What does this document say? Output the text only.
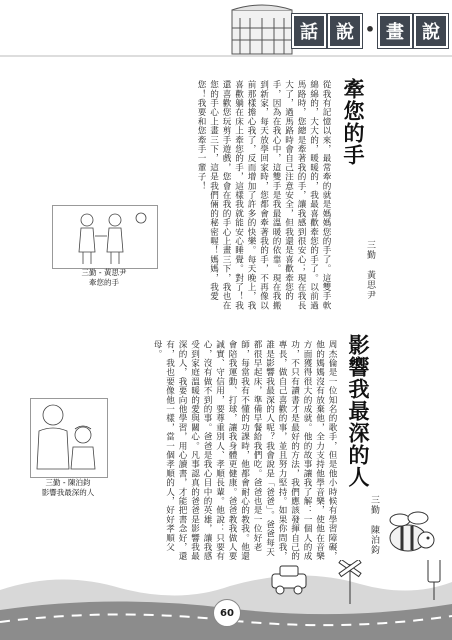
話	說 • 畫	說
牽您的手
三勤　黃思尹
從我有記憶以來，最常牽的就是媽媽您的手了。這雙手軟綿綿的，大大的，暖暖的，我最喜歡牽您的手了。以前過馬路時，您總是牽著我的手，讓我感到很安心；現在我長大了，過馬路時會自己注意安全，但我還是喜歡牽您的手，因為在我心中，這雙手是我最溫暖的依靠。現在我搬到新家，每天放學回家時，您都會牽著我的手，不再像以前那樣擔心我了，反而增加了許多的快樂。每天晚上，我喜歡躺在床上牽您的手，這樣我就能安心睡覺。對了！我還喜歡您玩剪手遊戲，您會在我的手心上畫三下，我也在您的手心上畫三下，這是我們倆的秘密喔！媽媽，我愛您！我要和您牽手一輩子！
三勤 - 黃思尹
牽您的手
影響我最深的人
三勤　陳泊鈞
周杰倫是一位知名的歌手，但是他小時候有學習障礙，他的媽媽沒有放棄他，全力支持他學音樂，使他在音樂方面獲得很大的成就。他的故事讓我了解：一個人的成功，不只有讀書才是最好的方法，我們應該發揮自己的專長，做自己喜歡的事，並且努力堅持。如果你問我，誰是影響我最深的人呢？我會說是「爸爸」。爸爸每天都很早起床，準備早餐給我們吃。爸爸也是一位好老師，每當我有不懂的功課時，他都會耐心的教我。他還會陪我運動、打球，讓我身體更健康。爸爸教我做人要誠實、守信用，要尊重別人、孝順長輩。他說：只要有心，沒有做不到的事。爸爸是我心目中的英雄，讓我感受到家庭溫暖的愛與關心。凡事認真的爸爸是影響我最深的人，我要向他學習，用心讀書，才能把書念好，還有，我也要像他一樣，當一個孝順的人，好好孝順父母。
三勤 - 陳泊鈞
影響我最深的人
60
